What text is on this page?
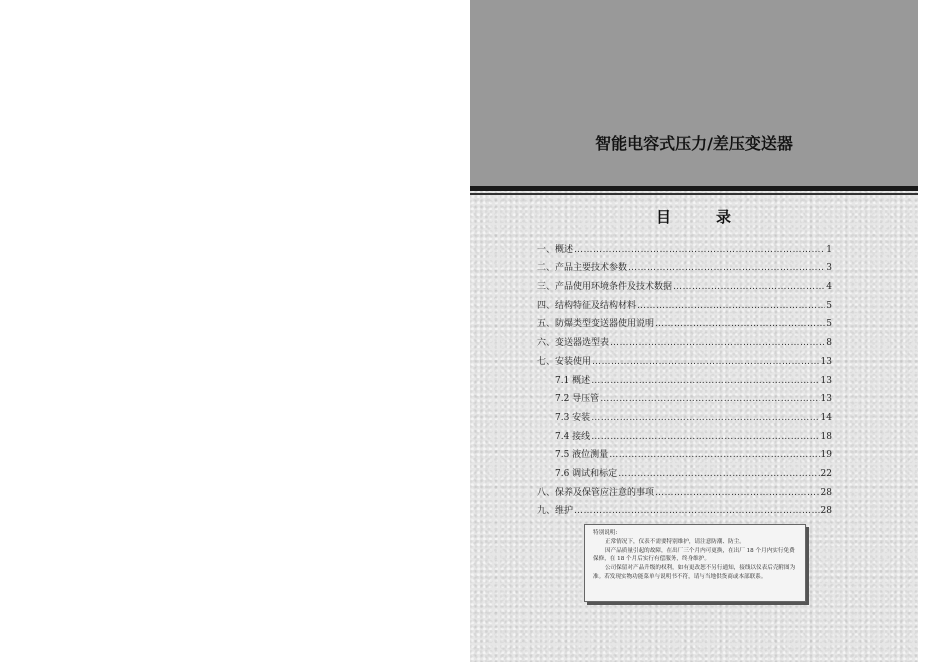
智能电容式压力/差压变送器
目	录
一、概述 ……………………………………………………………………………………………………………………………………………………	1
二、产品主要技术参数 ……………………………………………………………………………………………………………………………………………………	3
三、产品使用环境条件及技术数据 ……………………………………………………………………………………………………………………………………………………	4
四、结构特征及结构材料 ……………………………………………………………………………………………………………………………………………………	5
五、防爆类型变送器使用说明 ……………………………………………………………………………………………………………………………………………………	5
六、变送器选型表 ……………………………………………………………………………………………………………………………………………………	8
七、安装使用 ……………………………………………………………………………………………………………………………………………………	13
7.1 概述 ……………………………………………………………………………………………………………………………………………………	13
7.2 导压管 ……………………………………………………………………………………………………………………………………………………	13
7.3 安装 ……………………………………………………………………………………………………………………………………………………	14
7.4 接线 ……………………………………………………………………………………………………………………………………………………	18
7.5 液位测量 ……………………………………………………………………………………………………………………………………………………	19
7.6 调试和标定 ……………………………………………………………………………………………………………………………………………………	22
八、保养及保管应注意的事项 ……………………………………………………………………………………………………………………………………………………	28
九、维护 ……………………………………………………………………………………………………………………………………………………	28

特别说明:

正常情况下，仪表不需要特别维护，请注意防潮、防尘。

因产品质量引起的故障，在出厂三个月内可更换，在出厂 18 个月内实行免费保修，在 18 个月后实行有偿服务，终身维护。

公司保留对产品升级的权利，如有更改恕不另行通知，接线以仪表后壳附图为准。若发现实物功能菜单与说明书不符，请与当地供货商或本部联系。
